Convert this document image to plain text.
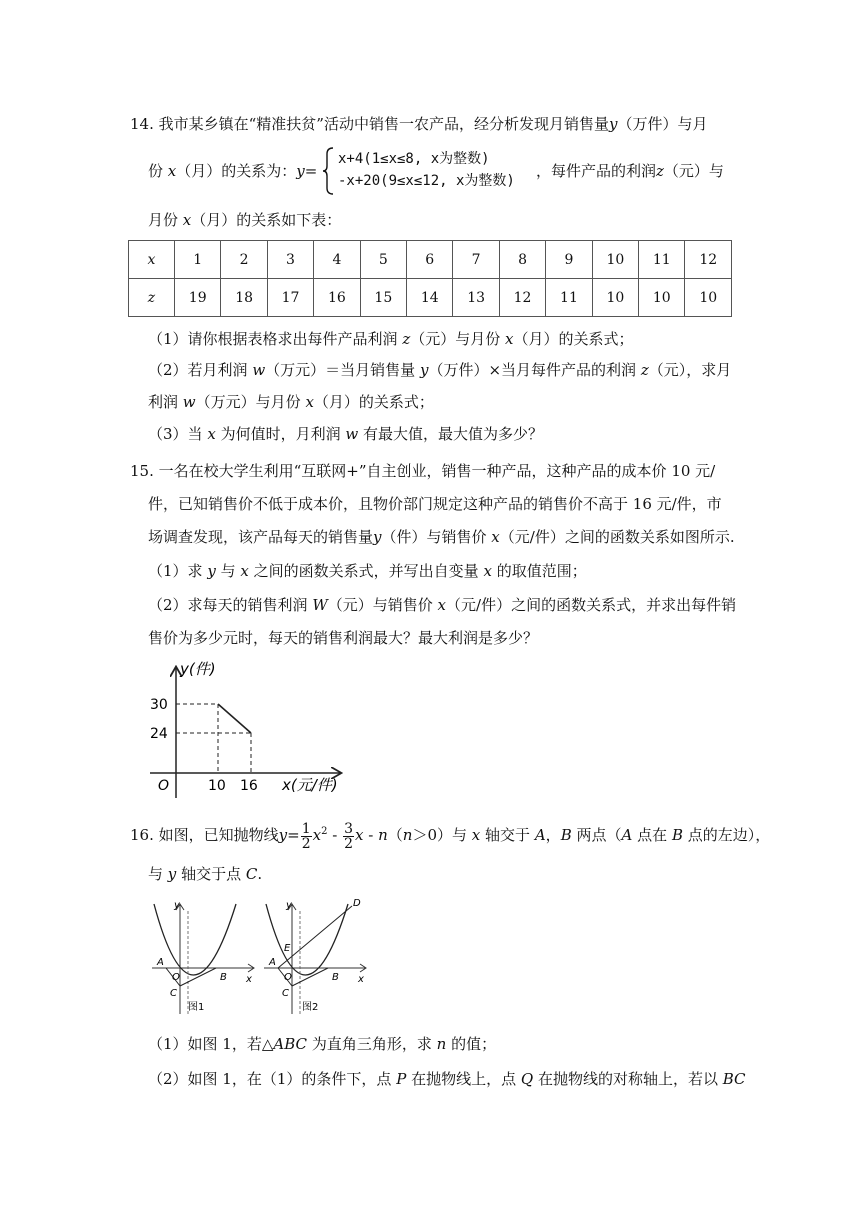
14. 我市某乡镇在“精准扶贫”活动中销售一农产品，经分析发现月销售量y（万件）与月
份 x（月）的关系为：y=
x+4(1≤x≤8, x为整数)
-x+20(9≤x≤12, x为整数)
，每件产品的利润z（元）与
月份 x（月）的关系如下表：
x	1	2	3	4	5	6	7	8	9	10	11	12
z	19	18	17	16	15	14	13	12	11	10	10	10
（1）请你根据表格求出每件产品利润 z（元）与月份 x（月）的关系式；
（2）若月利润 w（万元）＝当月销售量 y（万件）×当月每件产品的利润 z（元），求月
利润 w（万元）与月份 x（月）的关系式；
（3）当 x 为何值时，月利润 w 有最大值，最大值为多少？
15. 一名在校大学生利用“互联网+”自主创业，销售一种产品，这种产品的成本价 10 元/
件，已知销售价不低于成本价，且物价部门规定这种产品的销售价不高于 16 元/件，市
场调查发现，该产品每天的销售量y（件）与销售价 x（元/件）之间的函数关系如图所示.
（1）求 y 与 x 之间的函数关系式，并写出自变量 x 的取值范围；
（2）求每天的销售利润 W（元）与销售价 x（元/件）之间的函数关系式，并求出每件销
售价为多少元时，每天的销售利润最大？最大利润是多少？
y(件)
x(元/件)
O
30
24
10 16
16. 如图，已知抛物线$y= \frac{1}{2} x^2 - \frac{3}{2}$ x - n（n＞0）与 x 轴交于 A，B 两点（A 点在 B 点的左边），
与 y 轴交于点 C.
y
x
A
O	B
C
图1
y
x
A
O	B
C
D
E
图2
（1）如图 1，若△ABC 为直角三角形，求 n 的值；
（2）如图 1，在（1）的条件下，点 P 在抛物线上，点 Q 在抛物线的对称轴上，若以 BC
